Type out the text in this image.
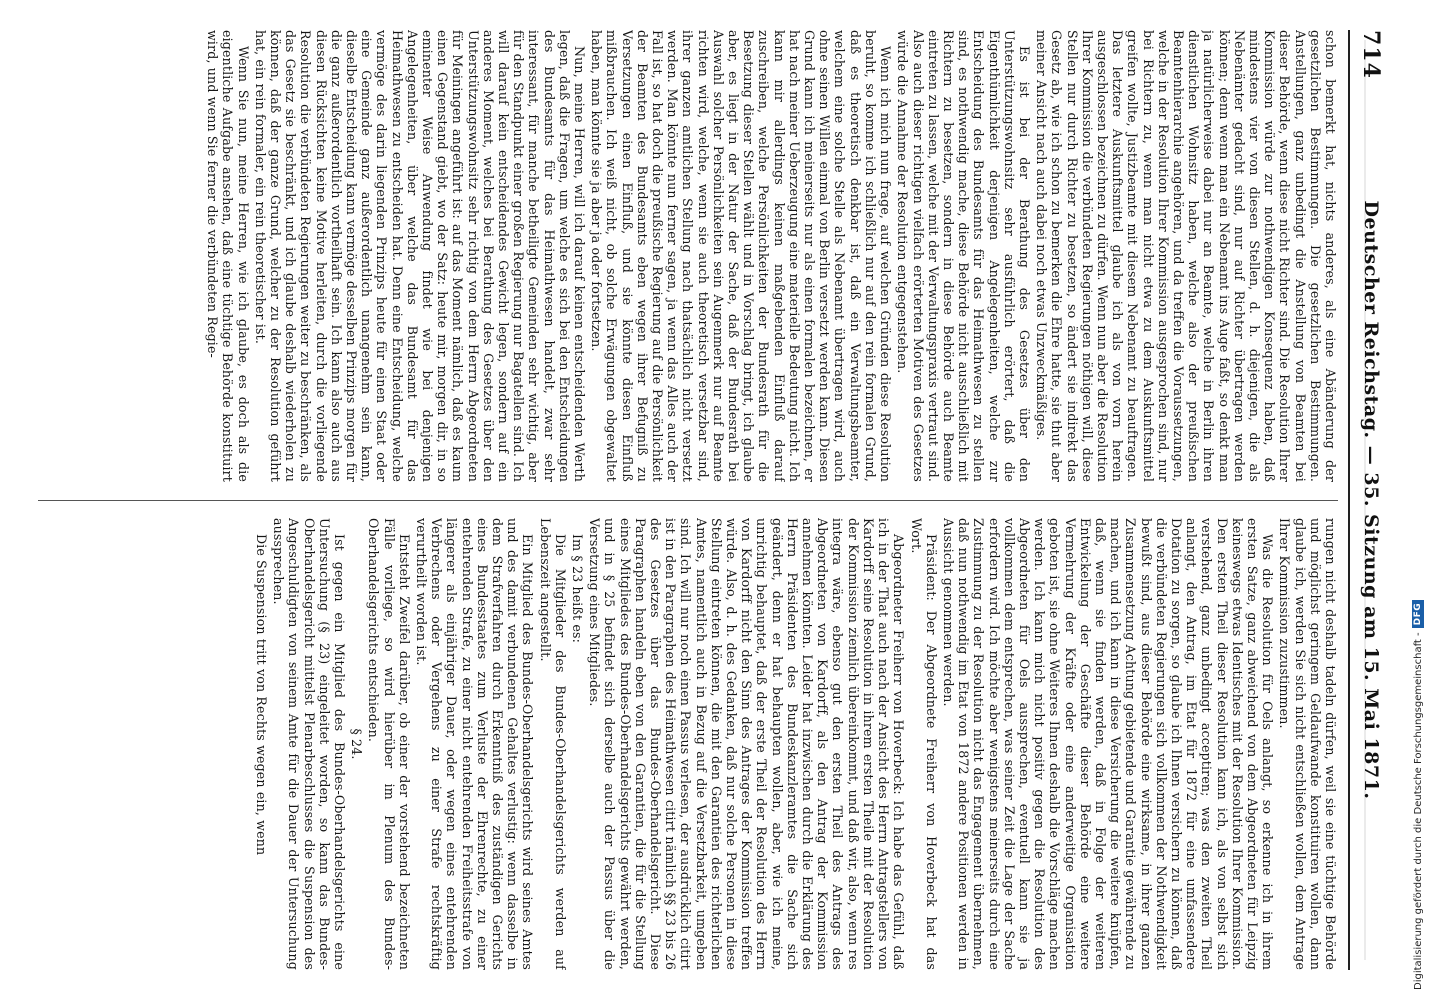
714
Deutscher Reichstag. — 35. Sitzung am 15. Mai 1871.

schon bemerkt hat, nichts anderes, als eine Abänderung der gesetzlichen Bestimmungen. Die gesetzlichen Bestimmungen. Anstellungen, ganz unbedingt die Anstellung von Beamten bei dieser Behörde, wenn diese nicht Richter sind. Die Resolution Ihrer Kommission würde zur nothwendigen Konsequenz haben, daß mindestens vier von diesen Stellen, d. h. diejenigen, die als Nebenämter gedacht sind, nur auf Richter übertragen werden können; denn wenn man ein Nebenamt ins Auge faßt, so denkt man ja natürlicherweise dabei nur an Beamte, welche in Berlin ihren dienstlichen Wohnsitz haben, welche also der preußischen Beamtenhierarchie angehören, und da treffen die Voraussetzungen, welche in der Resolution Ihrer Kommission ausgesprochen sind, nur bei Richtern zu, wenn man nicht etwa zu dem Auskunftsmittel greifen wollte, Justizbeamte mit diesem Nebenamt zu beauftragen. Das letztere Auskunftsmittel glaube ich als von vorn herein ausgeschlossen bezeichnen zu dürfen. Wenn nun aber die Resolution Ihrer Kommission die verbündeten Regierungen nöthigen will, diese Stellen nur durch Richter zu besetzen, so ändert sie indirekt das Gesetz ab, wie ich schon zu bemerken die Ehre hatte, sie thut aber meiner Ansicht nach auch dabei noch etwas Unzweckmäßiges.

Es ist bei der Berathung des Gesetzes über den Unterstützungswohnsitz sehr ausführlich erörtert, daß die Eigenthümlichkeit derjenigen Angelegenheiten, welche zur Entscheidung des Bundesamts für das Heimathwesen zu stellen sind, es nothwendig mache, diese Behörde nicht ausschließlich mit Richtern zu besetzen, sondern in diese Behörde auch Beamte eintreten zu lassen, welche mit der Verwaltungspraxis vertraut sind. Also auch dieser richtigen vielfach erörterten Motiven des Gesetzes würde die Annahme der Resolution entgegenstehen.

Wenn ich mich nun frage, auf welchen Gründen diese Resolution beruht, so komme ich schließlich nur auf den rein formalen Grund, daß es theoretisch denkbar ist, daß ein Verwaltungsbeamter, welchem eine solche Stelle als Nebenamt übertragen wird, auch ohne seinen Willen einmal von Berlin versetzt werden kann. Diesen Grund kann ich meinerseits nur als einen formalen bezeichnen, er hat nach meiner Ueberzeugung eine materielle Bedeutung nicht. Ich kann mir allerdings keinen maßgebenden Einfluß darauf zuschreiben, welche Persönlichkeiten der Bundesrath für die Besetzung dieser Stellen wählt und in Vorschlag bringt, ich glaube aber, es liegt in der Natur der Sache, daß der Bundesrath bei Auswahl solcher Persönlichkeiten sein Augenmerk nur auf Beamte richten wird, welche, wenn sie auch theoretisch versetzbar sind, ihrer ganzen amtlichen Stellung nach thatsächlich nicht versetzt werden. Man könnte nun ferner sagen, ja wenn das Alles auch der Fall ist, so hat doch die preußische Regierung auf die Persönlichkeit der Beamten des Bundesamts eben wegen ihrer Befugniß zu Versetzungen einen Einfluß, und sie könnte diesen Einfluß mißbrauchen. Ich weiß nicht, ob solche Erwägungen obgewaltet haben, man könnte sie ja aber ja oder fortsetzen.

Nun, meine Herren, will ich darauf keinen entscheidenden Werth legen, daß die Fragen, um welche es sich bei den Entscheidungen des Bundesamts für das Heimathwesen handelt, zwar sehr interessant, für manche betheiligte Gemeinden sehr wichtig, aber für den Standpunkt einer großen Regierung nur Bagatellen sind. Ich will darauf kein entscheidendes Gewicht legen, sondern auf ein anderes Moment, welches bei Berathung des Gesetzes über den Unterstützungswohnsitz sehr richtig von dem Herrn Abgeordneten für Meiningen angeführt ist: auf das Moment nämlich, daß es kaum einen Gegenstand giebt, wo der Satz: heute mir, morgen dir, in so eminenter Weise Anwendung findet wie bei denjenigen Angelegenheiten, über welche das Bundesamt für das Heimathwesen zu entscheiden hat. Denn eine Entscheidung, welche vermöge des darin liegenden Prinzips heute für einen Staat oder eine Gemeinde ganz außerordentlich unangenehm sein kann, dieselbe Entscheidung kann vermöge desselben Prinzips morgen für die ganz außerordentlich vortheilhaft sein. Ich kann also auch aus diesen Rücksichten keine Motive herleiten, durch die vorliegende Resolution die verbündeten Regierungen weiter zu beschränken, als das Gesetz sie beschränkt, und ich glaube deshalb wiederholen zu können, daß der ganze Grund, welcher zu der Resolution geführt hat, ein rein formaler, ein rein theoretischer ist.

Wenn Sie nun, meine Herren, wie ich glaube, es doch als die eigentliche Aufgabe ansehen, daß eine tüchtige Behörde konstituirt wird, und wenn Sie ferner die verbündeten Regie-

rungen nicht deshalb tadeln dürfen, weil sie eine tüchtige Behörde und möglichst geringem Geldaufwande konstituiren wollen, dann glaube ich, werden Sie sich nicht entschließen wollen, dem Antrage Ihrer Kommission zuzustimmen.

Was die Resolution für Oels anlangt, so erkenne ich in ihrem ersten Satze, ganz abweichend von dem Abgeordneten für Leipzig keineswegs etwas Identisches mit der Resolution Ihrer Kommission. Den ersten Theil dieser Resolution kann ich, als von selbst sich verstehend, ganz unbedingt acceptiren; was den zweiten Theil anlangt, den Antrag, im Etat für 1872 für eine umfassendere Dotation zu sorgen, so glaube ich Ihnen versichern zu können, daß die verbündeten Regierungen sich vollkommen der Nothwendigkeit bewußt sind, aus dieser Behörde eine wirksame, in ihrer ganzen Zusammensetzung Achtung gebietende und Garantie gewährende zu machen, und ich kann in diese Versicherung die weitere knüpfen, daß, wenn sie finden werden, daß in Folge der weiteren Entwickelung der Geschäfte dieser Behörde eine weitere Vermehrung der Kräfte oder eine anderweitige Organisation geboten ist, sie ohne Weiteres Ihnen deshalb die Vorschläge machen werden. Ich kann mich nicht positiv gegen die Resolution des Abgeordneten für Oels aussprechen, eventuell kann sie ja vollkommen dem entsprechen, was seiner Zeit die Lage der Sache erfordern wird. Ich möchte aber wenigstens meinerseits durch eine Zustimmung zu der Resolution nicht das Engagement übernehmen, daß nun nothwendig im Etat von 1872 andere Positionen werden in Aussicht genommen werden.

Präsident: Der Abgeordnete Freiherr von Hoverbeck hat das Wort.

Abgeordneter Freiherr von Hoverbeck: Ich habe das Gefühl, daß ich in der That auch nach der Ansicht des Herrn Antragstellers von Kardorff seine Resolution in ihrem ersten Theile mit der Resolution der Kommission ziemlich übereinkommt, und daß wir, also, wenn res integra wäre, ebenso gut den ersten Theil des Antrags des Abgeordneten von Kardorff, als den Antrag der Kommission annehmen könnten. Leider hat inzwischen durch die Erklärung des Herrn Präsidenten des Bundeskanzleramtes die Sache sich geändert, denn er hat behaupten wollen, aber, wie ich meine, unrichtig behauptet, daß der erste Theil der Resolution des Herrn von Kardorff nicht den Sinn des Antrages der Kommission treffen würde. Also, d. h. des Gedanken, daß nur solche Personen in diese Stellung eintreten können, die mit den Garantien des richterlichen Amtes, namentlich auch in Bezug auf die Versetzbarkeit, umgeben sind. Ich will nur noch einen Passus verlesen, der ausdrücklich citirt ist in den Paragraphen des Heimathwesen citirt nämlich §§ 23 bis 26 des Gesetzes über das Bundes-Oberhandelsgericht. Diese Paragraphen handeln eben von den Garantien, die für die Stellung eines Mitgliedes des Bundes-Oberhandelsgerichts gewährt werden, und in § 25 befindet sich derselbe auch der Passus über die Versetzung eines Mitgliedes.

Im § 23 heißt es:

Die Mitglieder des Bundes-Oberhandelsgerichts werden auf Lebenszeit angestellt.

Ein Mitglied des Bundes-Oberhandelsgerichts wird seines Amtes und des damit verbundenen Gehaltes verlustig: wenn dasselbe in dem Strafverfahren durch Erkenntniß des zuständigen Gerichts eines Bundesstaates zum Verluste der Ehrenrechte, zu einer entehrenden Strafe, zu einer nicht entehrenden Freiheitsstrafe von längerer als einjähriger Dauer, oder wegen eines entehrenden Verbrechens oder Vergehens zu einer Strafe rechtskräftig verurtheilt worden ist.

Entsteht Zweifel darüber, ob einer der vorstehend bezeichneten Fälle vorliege, so wird hierüber im Plenum des Bundes-Oberhandelsgerichts entschieden.

§ 24.

Ist gegen ein Mitglied des Bundes-Oberhandelsgerichts eine Untersuchung (§ 23) eingeleitet worden, so kann das Bundes-Oberhandelsgericht mittelst Plenarbeschlusses die Suspension des Angeschuldigten von seinem Amte für die Dauer der Untersuchung aussprechen.

Die Suspension tritt von Rechts wegen ein, wenn	Digitalisierung gefördert durch die Deutsche Forschungsgemeinschaft -
DFG
